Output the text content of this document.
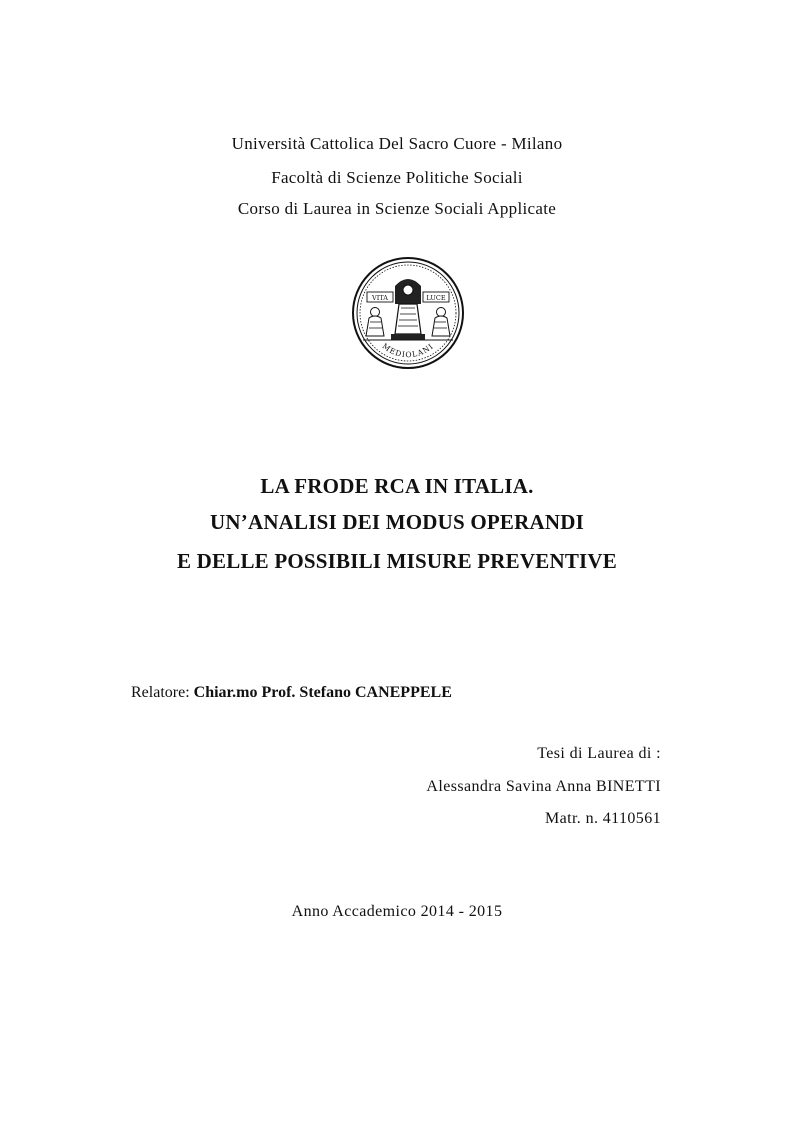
Università Cattolica Del Sacro Cuore - Milano
Facoltà di Scienze Politiche Sociali
Corso di Laurea in Scienze Sociali Applicate
VITA	LUCE
MEDIOLANI
LA FRODE RCA IN ITALIA.
UN’ANALISI DEI MODUS OPERANDI
E DELLE POSSIBILI MISURE PREVENTIVE
Relatore: Chiar.mo Prof. Stefano CANEPPELE
Tesi di Laurea di :
Alessandra Savina Anna BINETTI
Matr. n. 4110561
Anno Accademico 2014 - 2015
